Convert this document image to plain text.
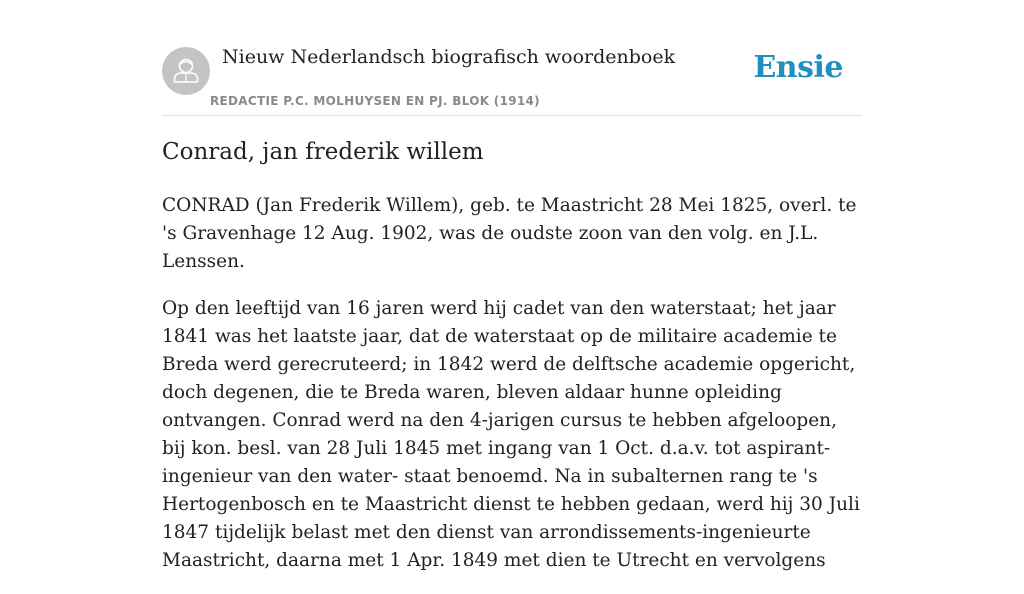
Nieuw Nederlandsch biografisch woordenboek
REDACTIE P.C. MOLHUYSEN EN PJ. BLOK (1914)
Ensie
Conrad, jan frederik willem

CONRAD (Jan Frederik Willem), geb. te Maastricht 28 Mei 1825, overl. te 's Gravenhage 12 Aug. 1902, was de oudste zoon van den volg. en J.L. Lenssen.

Op den leeftijd van 16 jaren werd hij cadet van den waterstaat; het jaar 1841 was het laatste jaar, dat de waterstaat op de militaire academie te Breda werd gerecruteerd; in 1842 werd de delftsche academie opgericht, doch degenen, die te Breda waren, bleven aldaar hunne opleiding ontvangen. Conrad werd na den 4-jarigen cursus te hebben afgeloopen, bij kon. besl. van 28 Juli 1845 met ingang van 1 Oct. d.a.v. tot aspirant-ingenieur van den water- staat benoemd. Na in subalternen rang te 's Hertogenbosch en te Maastricht dienst te hebben gedaan, werd hij 30 Juli 1847 tijdelijk belast met den dienst van arrondissements-ingenieurte Maastricht, daarna met 1 Apr. 1849 met dien te Utrecht en vervolgens
